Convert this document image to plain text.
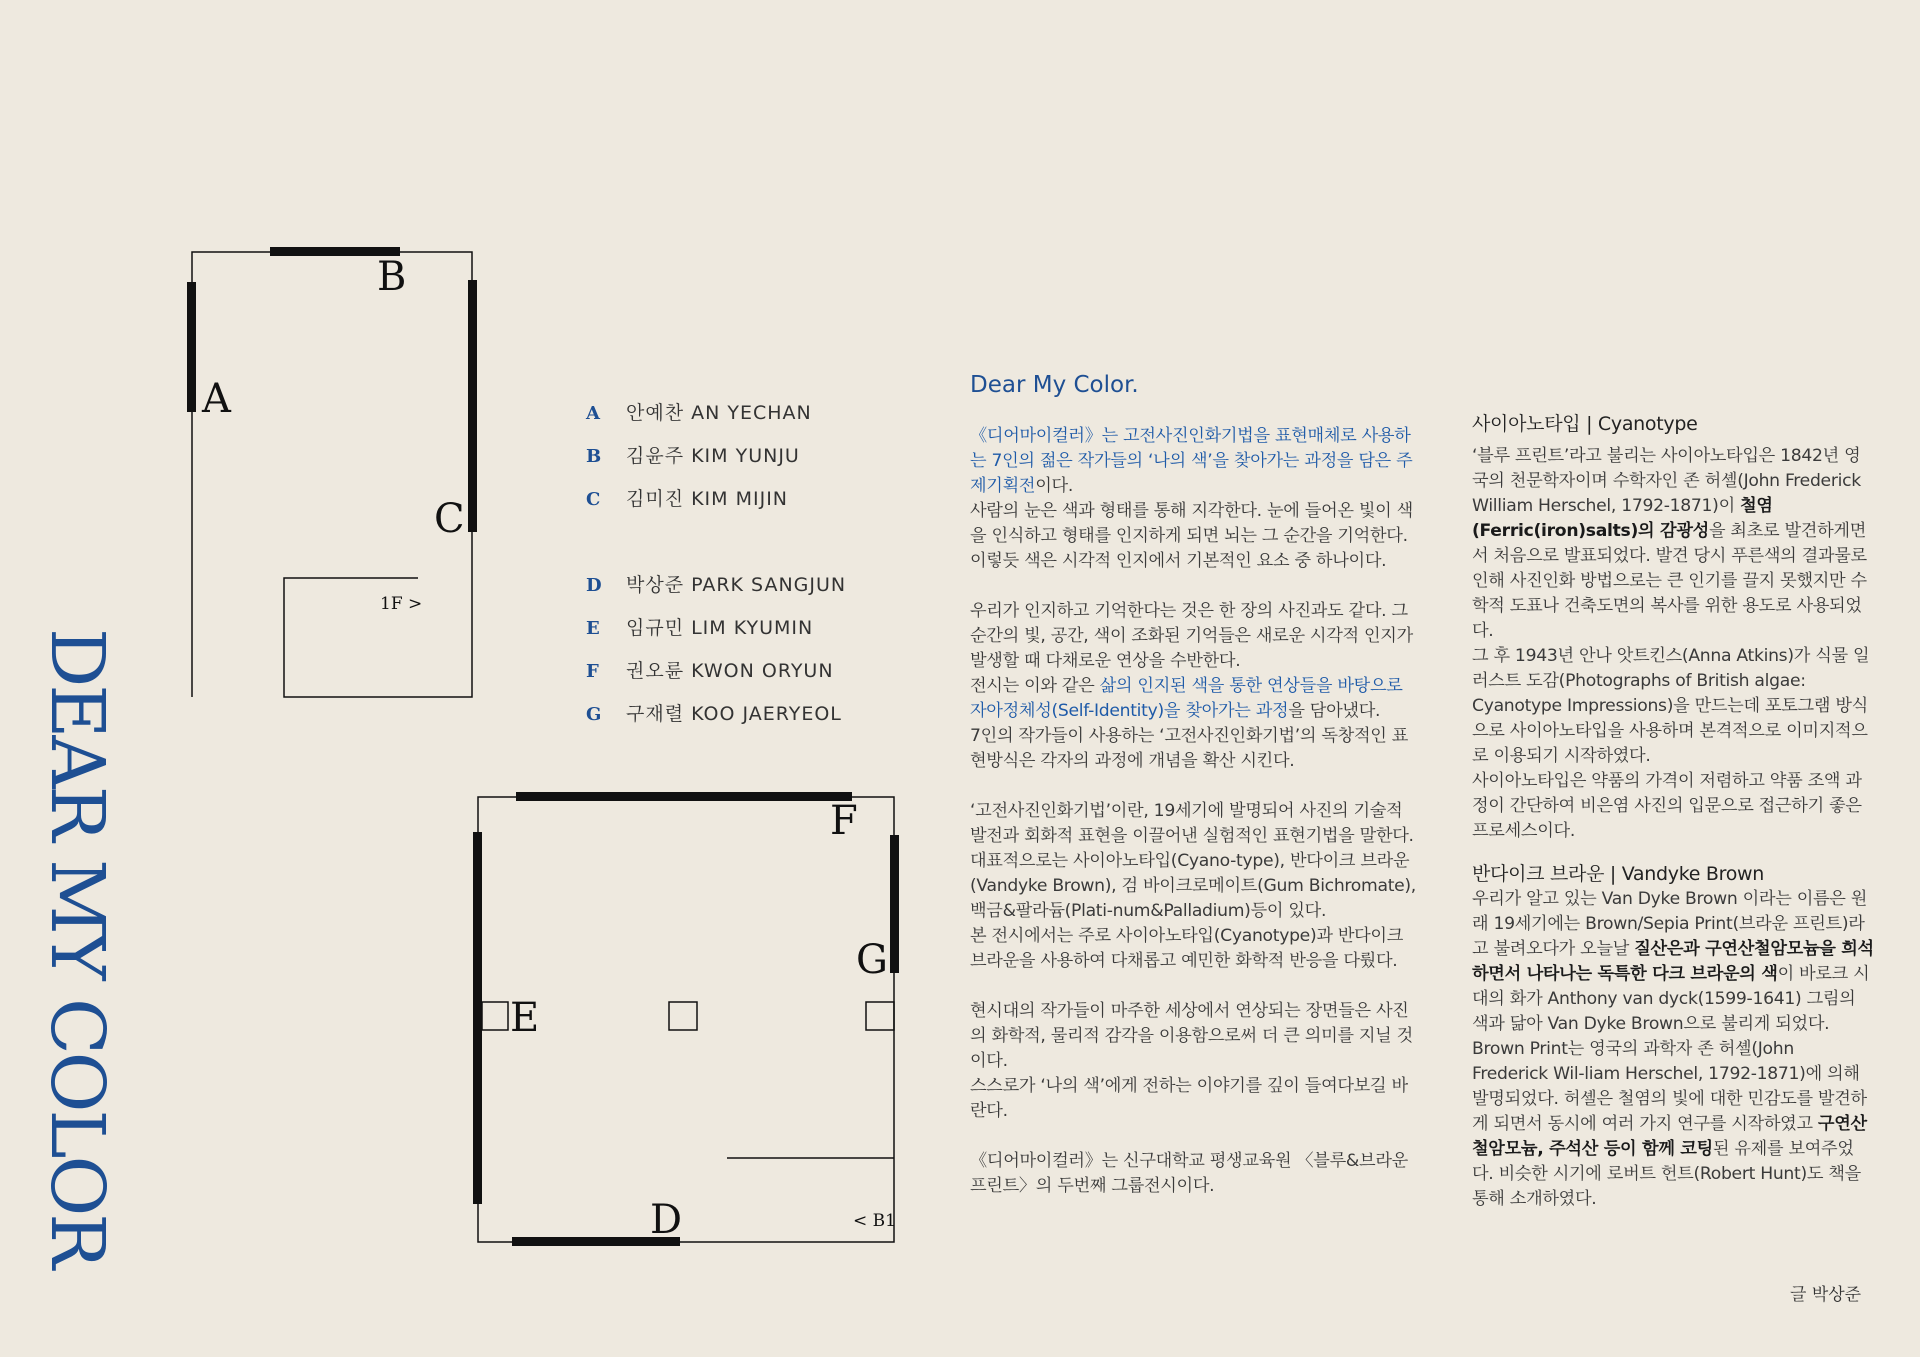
DEAR MY COLOR
B
A
C
1F >
F
G
E
D	< B1
A 안예찬 AN YECHAN
B 김윤주 KIM YUNJU
C 김미진 KIM MIJIN
D 박상준 PARK SANGJUN
E 임규민 LIM KYUMIN
F 권오륜 KWON ORYUN
G 구재렬 KOO JAERYEOL
Dear My Color.

《디어마이컬러》는 고전사진인화기법을 표현매체로 사용하는 7인의 젊은 작가들의 ‘나의 색’을 찾아가는 과정을 담은 주제기획전이다.

사람의 눈은 색과 형태를 통해 지각한다. 눈에 들어온 빛이 색을 인식하고 형태를 인지하게 되면 뇌는 그 순간을 기억한다.이렇듯 색은 시각적 인지에서 기본적인 요소 중 하나이다.

우리가 인지하고 기억한다는 것은 한 장의 사진과도 같다. 그 순간의 빛, 공간, 색이 조화된 기억들은 새로운 시각적 인지가 발생할 때 다채로운 연상을 수반한다.

전시는 이와 같은 삶의 인지된 색을 통한 연상들을 바탕으로 자아정체성(Self-Identity)을 찾아가는 과정을 담아냈다.

7인의 작가들이 사용하는 ‘고전사진인화기법’의 독창적인 표현방식은 각자의 과정에 개념을 확산 시킨다.

‘고전사진인화기법’이란, 19세기에 발명되어 사진의 기술적 발전과 회화적 표현을 이끌어낸 실험적인 표현기법을 말한다. 대표적으로는 사이아노타입(Cyano-type), 반다이크 브라운(Vandyke Brown), 검 바이크로메이트(Gum Bichromate), 백금&팔라듐(Plati-num&Palladium)등이 있다.

본 전시에서는 주로 사이아노타입(Cyanotype)과 반다이크브라운을 사용하여 다채롭고 예민한 화학적 반응을 다뤘다.

현시대의 작가들이 마주한 세상에서 연상되는 장면들은 사진의 화학적, 물리적 감각을 이용함으로써 더 큰 의미를 지닐 것이다.

스스로가 ‘나의 색’에게 전하는 이야기를 깊이 들여다보길 바란다.

《디어마이컬러》는 신구대학교 평생교육원 〈블루&브라운프린트〉의 두번째 그룹전시이다.

사이아노타입 | Cyanotype

‘블루 프린트’라고 불리는 사이아노타입은 1842년 영국의 천문학자이며 수학자인 존 허셸(John Frederick William Herschel, 1792-1871)이 철염(Ferric(iron)salts)의 감광성을 최초로 발견하게면 서 처음으로 발표되었다. 발견 당시 푸른색의 결과물로 인해 사진인화 방법으로는 큰 인기를 끌지 못했지만 수학적 도표나 건축도면의 복사를 위한 용도로 사용되었다.

그 후 1943년 안나 앗트킨스(Anna Atkins)가 식물 일러스트 도감(Photographs of British algae: Cyanotype Impressions)을 만드는데 포토그램 방식으로 사이아노타입을 사용하며 본격적으로 이미지적으로 이용되기 시작하였다.

사이아노타입은 약품의 가격이 저렴하고 약품 조액 과정이 간단하여 비은염 사진의 입문으로 접근하기 좋은 프로세스이다.

반다이크 브라운 | Vandyke Brown

우리가 알고 있는 Van Dyke Brown 이라는 이름은 원래 19세기에는 Brown/Sepia Print(브라운 프린트)라고 불려오다가 오늘날 질산은과 구연산철암모늄을 희석하면서 나타나는 독특한 다크 브라운의 색이 바로크 시대의 화가 Anthony van dyck(1599-1641) 그림의 색과 닮아 Van Dyke Brown으로 불리게 되었다. Brown Print는 영국의 과학자 존 허셸(John Frederick Wil-liam Herschel, 1792-1871)에 의해 발명되었다. 허셸은 철염의 빛에 대한 민감도를 발견하게 되면서 동시에 여러 가지 연구를 시작하였고 구연산철암모늄, 주석산 등이 함께 코팅된 유제를 보여주었다. 비슷한 시기에 로버트 헌트(Robert Hunt)도 책을 통해 소개하였다.

글 박상준
